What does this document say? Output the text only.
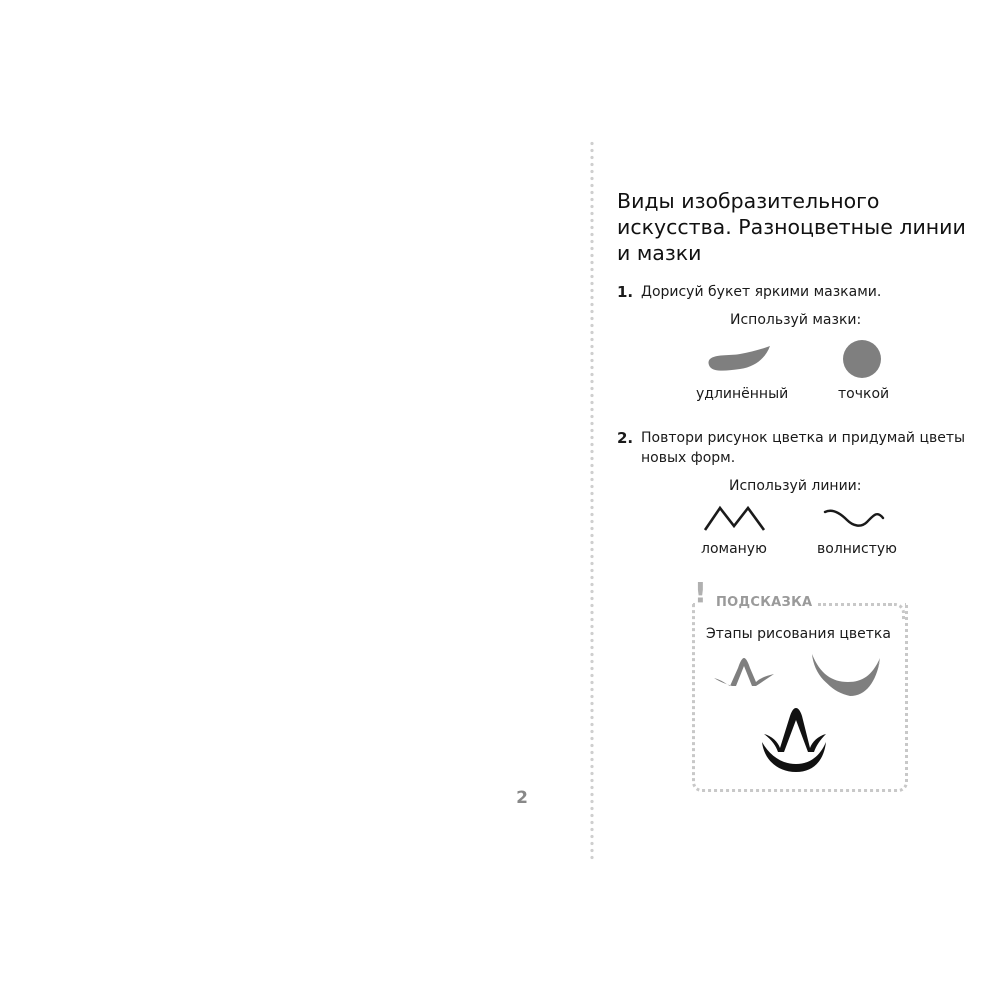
2
Виды изобразительного искусства. Разноцветные линии и мазки
1. Дорисуй букет яркими мазками.
Используй мазки:
удлинённый	точкой
2. Повтори рисунок цветка и придумай цветы новых форм.
Используй линии:
ломаную	волнистую
! ПОДСКАЗКА
Этапы рисования цветка
